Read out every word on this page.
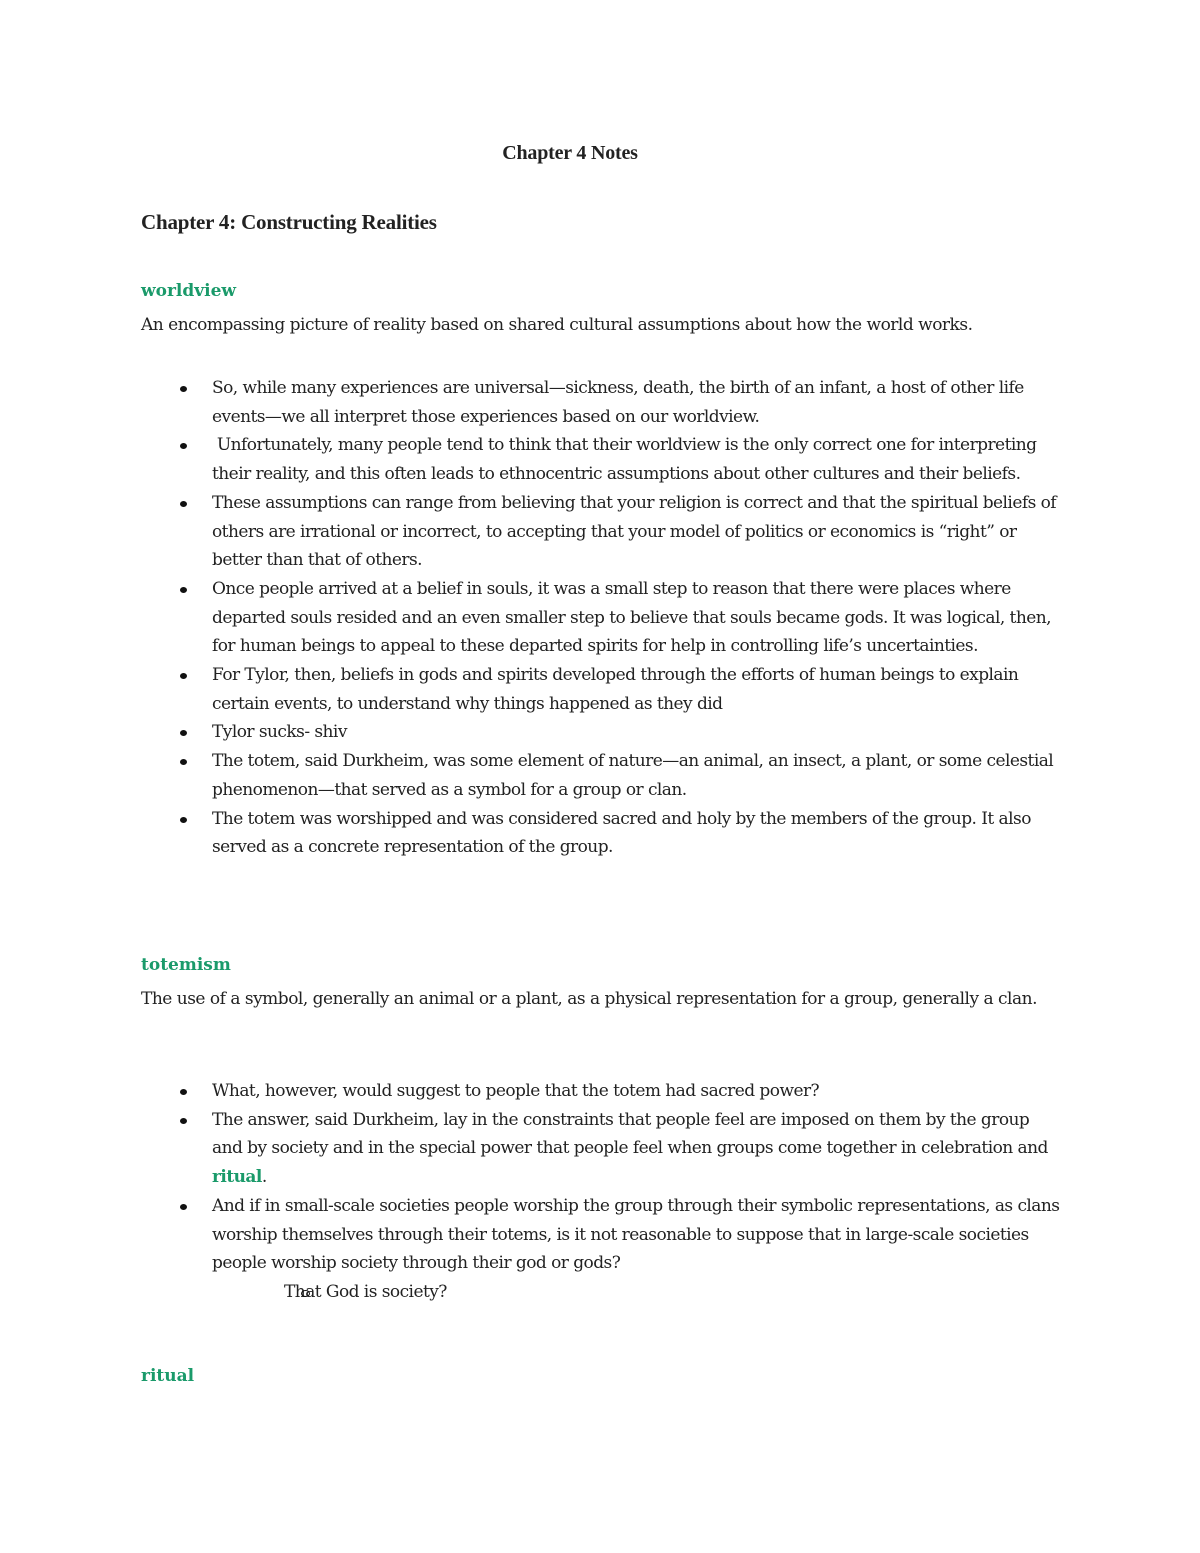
Chapter 4 Notes
Chapter 4: Constructing Realities
worldview

An encompassing picture of reality based on shared cultural assumptions about how the world works.

So, while many experiences are universal—sickness, death, the birth of an infant, a host of other life events—we all interpret those experiences based on our worldview.
Unfortunately, many people tend to think that their worldview is the only correct one for interpreting their reality, and this often leads to ethnocentric assumptions about other cultures and their beliefs.
These assumptions can range from believing that your religion is correct and that the spiritual beliefs of others are irrational or incorrect, to accepting that your model of politics or economics is “right” or better than that of others.
Once people arrived at a belief in souls, it was a small step to reason that there were places where departed souls resided and an even smaller step to believe that souls became gods. It was logical, then, for human beings to appeal to these departed spirits for help in controlling life’s uncertainties.
For Tylor, then, beliefs in gods and spirits developed through the efforts of human beings to explain certain events, to understand why things happened as they did
Tylor sucks- shiv
The totem, said Durkheim, was some element of nature—an animal, an insect, a plant, or some celestial phenomenon—that served as a symbol for a group or clan.
The totem was worshipped and was considered sacred and holy by the members of the group. It also served as a concrete representation of the group.
totemism

The use of a symbol, generally an animal or a plant, as a physical representation for a group, generally a clan.

What, however, would suggest to people that the totem had sacred power?
The answer, said Durkheim, lay in the constraints that people feel are imposed on them by the group and by society and in the special power that people feel when groups come together in celebration and ritual.
And if in small-scale societies people worship the group through their symbolic representations, as clans worship themselves through their totems, is it not reasonable to suppose that in large-scale societies people worship society through their god or gods?
That God is society?
ritual
